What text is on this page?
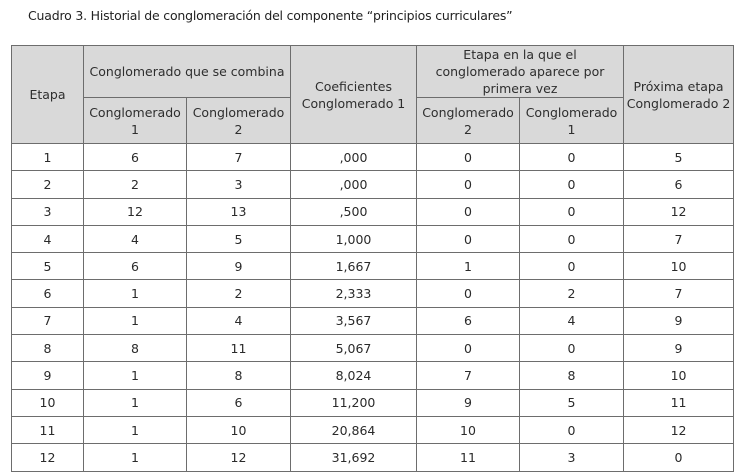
Cuadro 3. Historial de conglomeración del componente “principios curriculares”
Etapa	Conglomerado que se combina		Coeficientes Conglomerado 1	Etapa en la que el conglomerado aparece por primera vez		Próxima etapa Conglomerado 2
	Conglomerado 1	Conglomerado 2		Conglomerado 2	Conglomerado 1	
1	6	7	,000	0	0	5
2	2	3	,000	0	0	6
3	12	13	,500	0	0	12
4	4	5	1,000	0	0	7
5	6	9	1,667	1	0	10
6	1	2	2,333	0	2	7
7	1	4	3,567	6	4	9
8	8	11	5,067	0	0	9
9	1	8	8,024	7	8	10
10	1	6	11,200	9	5	11
11	1	10	20,864	10	0	12
12	1	12	31,692	11	3	0
